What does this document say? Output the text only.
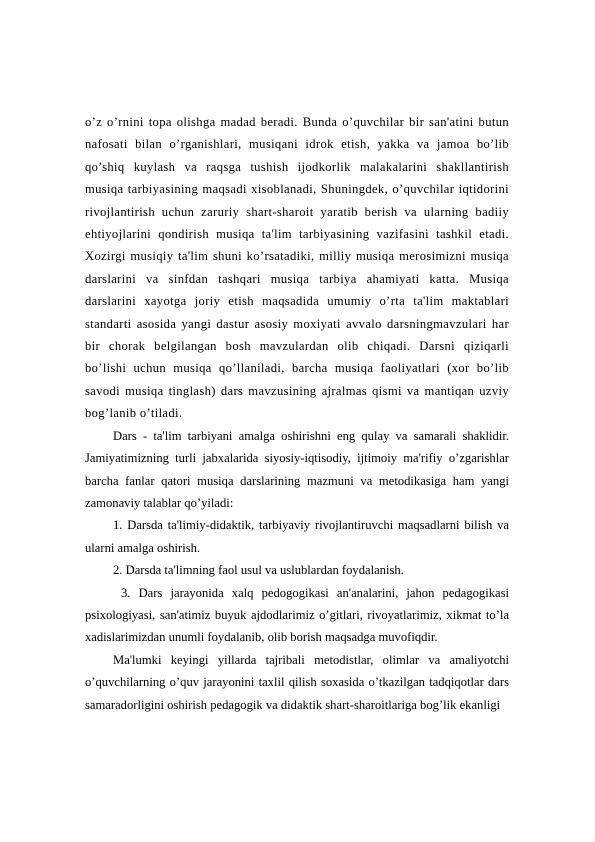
o’z o’rnini topa olishga madad beradi. Bunda o’quvchilar bir san'atini butun nafosati bilan o’rganishlari, musiqani idrok etish, yakka va jamoa bo’lib qo’shiq kuylash va raqsga tushish ijodkorlik malakalarini shakllantirish musiqa tarbiyasining maqsadi xisoblanadi, Shuningdek, o’quvchilar iqtidorini rivojlantirish uchun zaruriy shart-sharoit yaratib berish va ularning badiiy ehtiyojlarini qondirish musiqa ta'lim tarbiyasining vazifasini tashkil etadi. Xozirgi musiqiy ta'lim shuni ko’rsatadiki, milliy musiqa merosimizni musiqa darslarini va sinfdan tashqari musiqa tarbiya ahamiyati katta. Musiqa darslarini xayotga joriy etish maqsadida umumiy o’rta ta'lim maktablari standarti asosida yangi dastur asosiy moxiyati avvalo darsningmavzulari har bir chorak belgilangan bosh mavzulardan olib chiqadi. Darsni qiziqarli bo’lishi uchun musiqa qo’llaniladi, barcha musiqa faoliyatlari (xor bo’lib savodi musiqa tinglash) dars mavzusining ajralmas qismi va mantiqan uzviy bog’lanib o’tiladi.

Dars - ta'lim tarbiyani amalga oshirishni eng qulay va samarali shaklidir. Jamiyatimizning turli jabxalarida siyosiy-iqtisodiy, ijtimoiy ma'rifiy o’zgarishlar barcha fanlar qatori musiqa darslarining mazmuni va metodikasiga ham yangi zamonaviy talablar qo’yiladi:

1. Darsda ta'limiy-didaktik, tarbiyaviy rivojlantiruvchi maqsadlarni bilish va ularni amalga oshirish.

2. Darsda ta'limning faol usul va uslublardan foydalanish.

3. Dars jarayonida xalq pedogogikasi an'analarini, jahon pedagogikasi psixologiyasi, san'atimiz buyuk ajdodlarimiz o’gitlari, rivoyatlarimiz, xikmat to’la xadislarimizdan unumli foydalanib, olib borish maqsadga muvofiqdir.

Ma'lumki keyingi yillarda tajribali metodistlar, olimlar va amaliyotchi o’quvchilarning o’quv jarayonini taxlil qilish soxasida o’tkazilgan tadqiqotlar dars samaradorligini oshirish pedagogik va didaktik shart-sharoitlariga bog’lik ekanligi
